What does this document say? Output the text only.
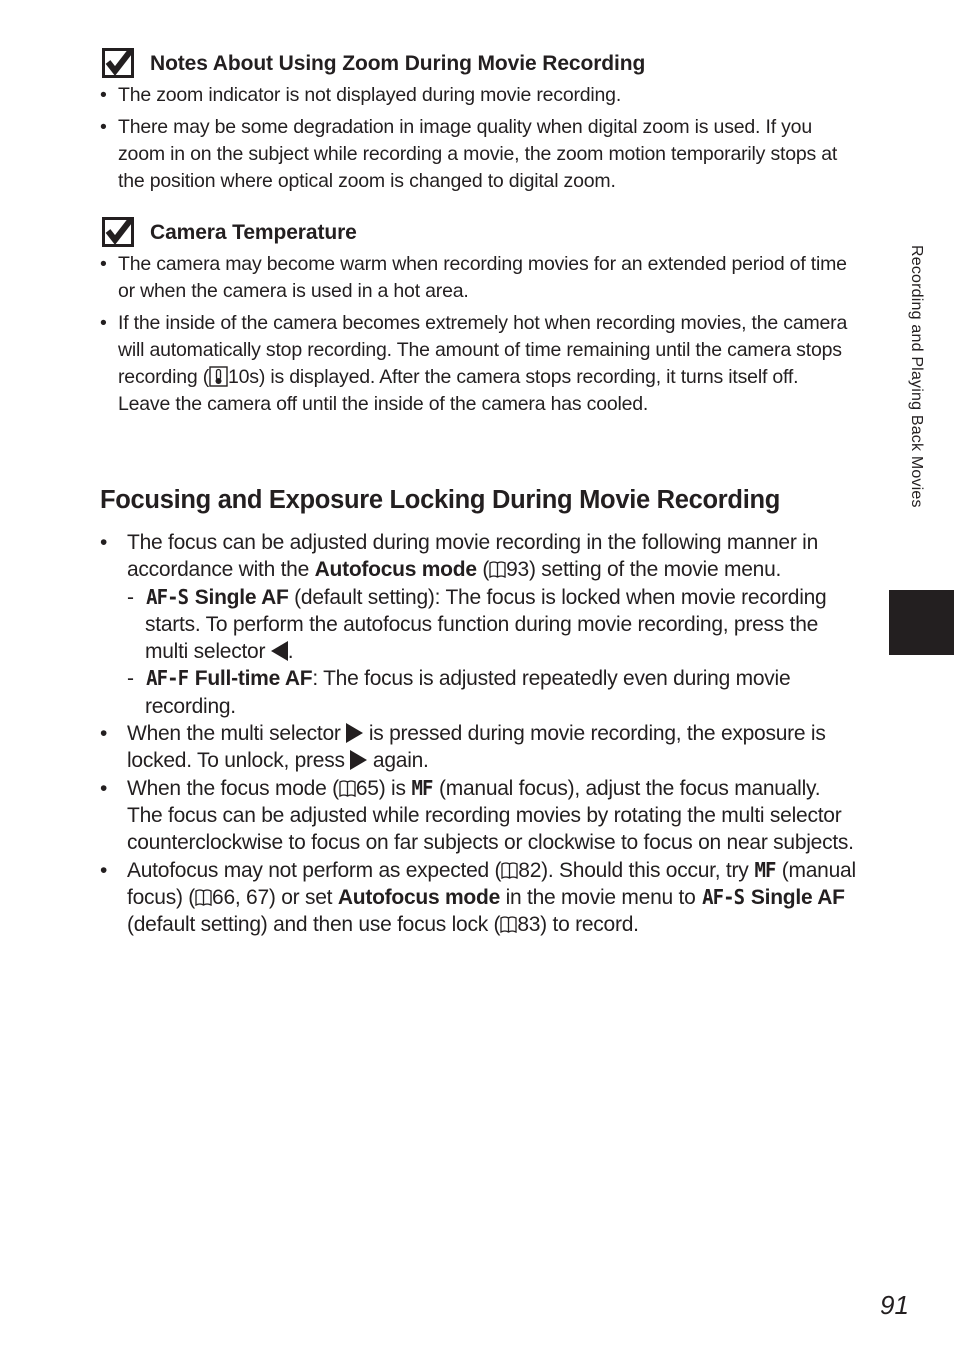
Notes About Using Zoom During Movie Recording
• The zoom indicator is not displayed during movie recording.
• There may be some degradation in image quality when digital zoom is used. If you zoom in on the subject while recording a movie, the zoom motion temporarily stops at the position where optical zoom is changed to digital zoom.
Camera Temperature
• The camera may become warm when recording movies for an extended period of time or when the camera is used in a hot area.
• If the inside of the camera becomes extremely hot when recording movies, the camera will automatically stop recording. The amount of time remaining until the camera stops recording ( 10s) is displayed. After the camera stops recording, it turns itself off.
Leave the camera off until the inside of the camera has cooled.
Focusing and Exposure Locking During Movie Recording
• The focus can be adjusted during movie recording in the following manner in accordance with the Autofocus mode ( 93) setting of the movie menu.
- AF-S Single AF (default setting): The focus is locked when movie recording starts. To perform the autofocus function during movie recording, press the multi selector .
- AF-F Full-time AF: The focus is adjusted repeatedly even during movie recording.
• When the multi selector  is pressed during movie recording, the exposure is locked. To unlock, press  again.
• When the focus mode ( 65) is MF (manual focus), adjust the focus manually. The focus can be adjusted while recording movies by rotating the multi selector counterclockwise to focus on far subjects or clockwise to focus on near subjects.
• Autofocus may not perform as expected ( 82). Should this occur, try MF (manual focus) ( 66, 67) or set Autofocus mode in the movie menu to AF-S Single AF (default setting) and then use focus lock ( 83) to record.
Recording and Playing Back Movies
91
